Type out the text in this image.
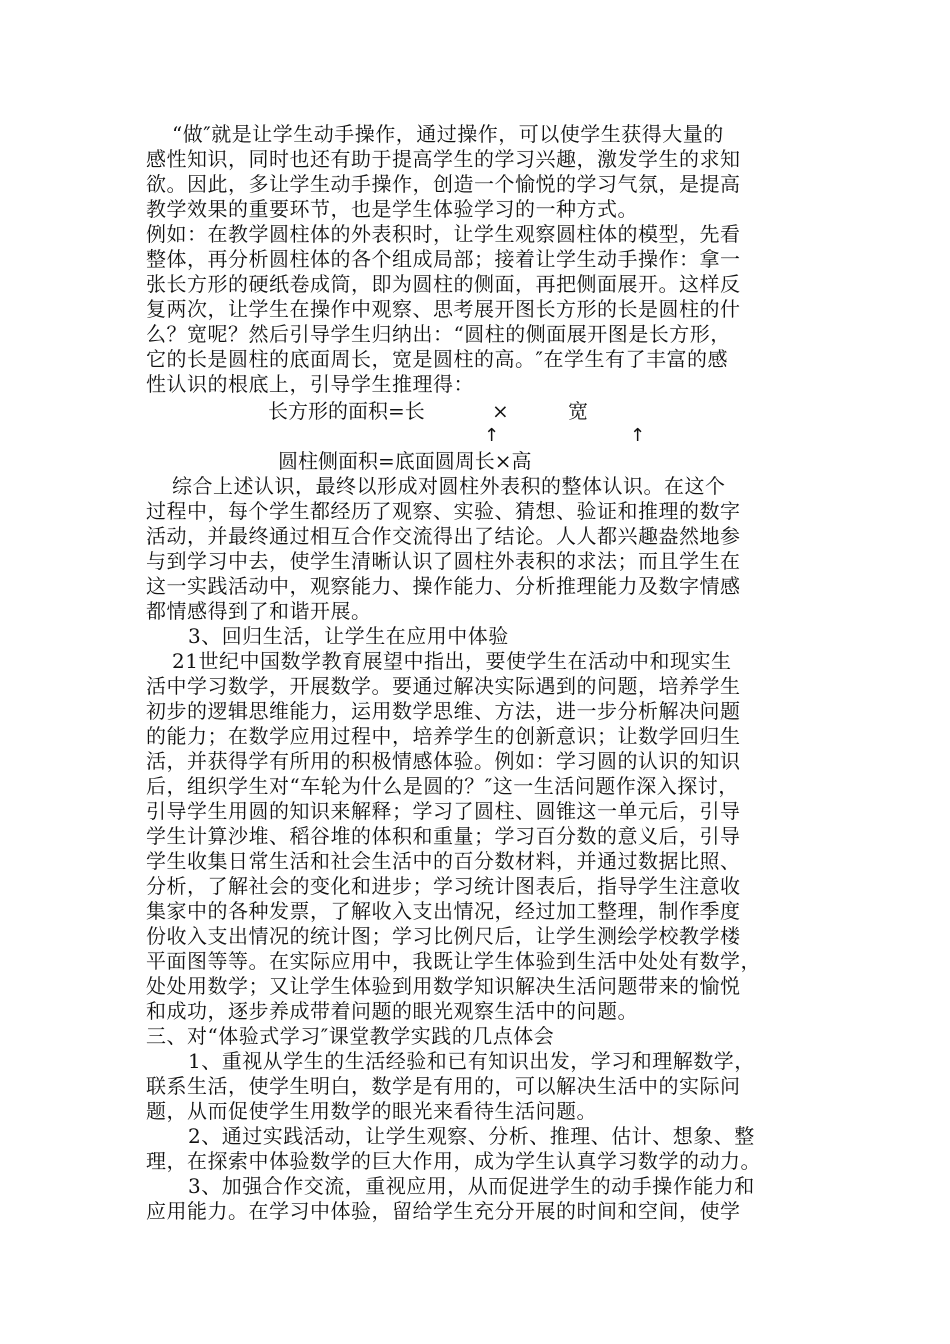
“做″就是让学生动手操作，通过操作，可以使学生获得大量的
感性知识，同时也还有助于提高学生的学习兴趣，激发学生的求知
欲。因此，多让学生动手操作，创造一个愉悦的学习气氛，是提高
教学效果的重要环节，也是学生体验学习的一种方式。
例如：在教学圆柱体的外表积时，让学生观察圆柱体的模型，先看
整体，再分析圆柱体的各个组成局部；接着让学生动手操作：拿一
张长方形的硬纸卷成筒，即为圆柱的侧面，再把侧面展开。这样反
复两次，让学生在操作中观察、思考展开图长方形的长是圆柱的什
么？宽呢？然后引导学生归纳出：“圆柱的侧面展开图是长方形，
它的长是圆柱的底面周长，宽是圆柱的高。″在学生有了丰富的感
性认识的根底上，引导学生推理得：
长方形的面积=长	×	宽
↑	↑
圆柱侧面积=底面圆周长×高
综合上述认识，最终以形成对圆柱外表积的整体认识。在这个
过程中，每个学生都经历了观察、实验、猜想、验证和推理的数字
活动，并最终通过相互合作交流得出了结论。人人都兴趣盎然地参
与到学习中去，使学生清晰认识了圆柱外表积的求法；而且学生在
这一实践活动中，观察能力、操作能力、分析推理能力及数字情感
都情感得到了和谐开展。
3、回归生活，让学生在应用中体验
21世纪中国数学教育展望中指出，要使学生在活动中和现实生
活中学习数学，开展数学。要通过解决实际遇到的问题，培养学生
初步的逻辑思维能力，运用数学思维、方法，进一步分析解决问题
的能力；在数学应用过程中，培养学生的创新意识；让数学回归生
活，并获得学有所用的积极情感体验。例如：学习圆的认识的知识
后，组织学生对“车轮为什么是圆的？″这一生活问题作深入探讨，
引导学生用圆的知识来解释；学习了圆柱、圆锥这一单元后，引导
学生计算沙堆、稻谷堆的体积和重量；学习百分数的意义后，引导
学生收集日常生活和社会生活中的百分数材料，并通过数据比照、
分析，了解社会的变化和进步；学习统计图表后，指导学生注意收
集家中的各种发票，了解收入支出情况，经过加工整理，制作季度
份收入支出情况的统计图；学习比例尺后，让学生测绘学校教学楼
平面图等等。在实际应用中，我既让学生体验到生活中处处有数学，
处处用数学；又让学生体验到用数学知识解决生活问题带来的愉悦
和成功，逐步养成带着问题的眼光观察生活中的问题。
三、对“体验式学习″课堂教学实践的几点体会
1、重视从学生的生活经验和已有知识出发，学习和理解数学，
联系生活，使学生明白，数学是有用的，可以解决生活中的实际问
题，从而促使学生用数学的眼光来看待生活问题。
2、通过实践活动，让学生观察、分析、推理、估计、想象、整
理，在探索中体验数学的巨大作用，成为学生认真学习数学的动力。
3、加强合作交流，重视应用，从而促进学生的动手操作能力和
应用能力。在学习中体验，留给学生充分开展的时间和空间，使学
